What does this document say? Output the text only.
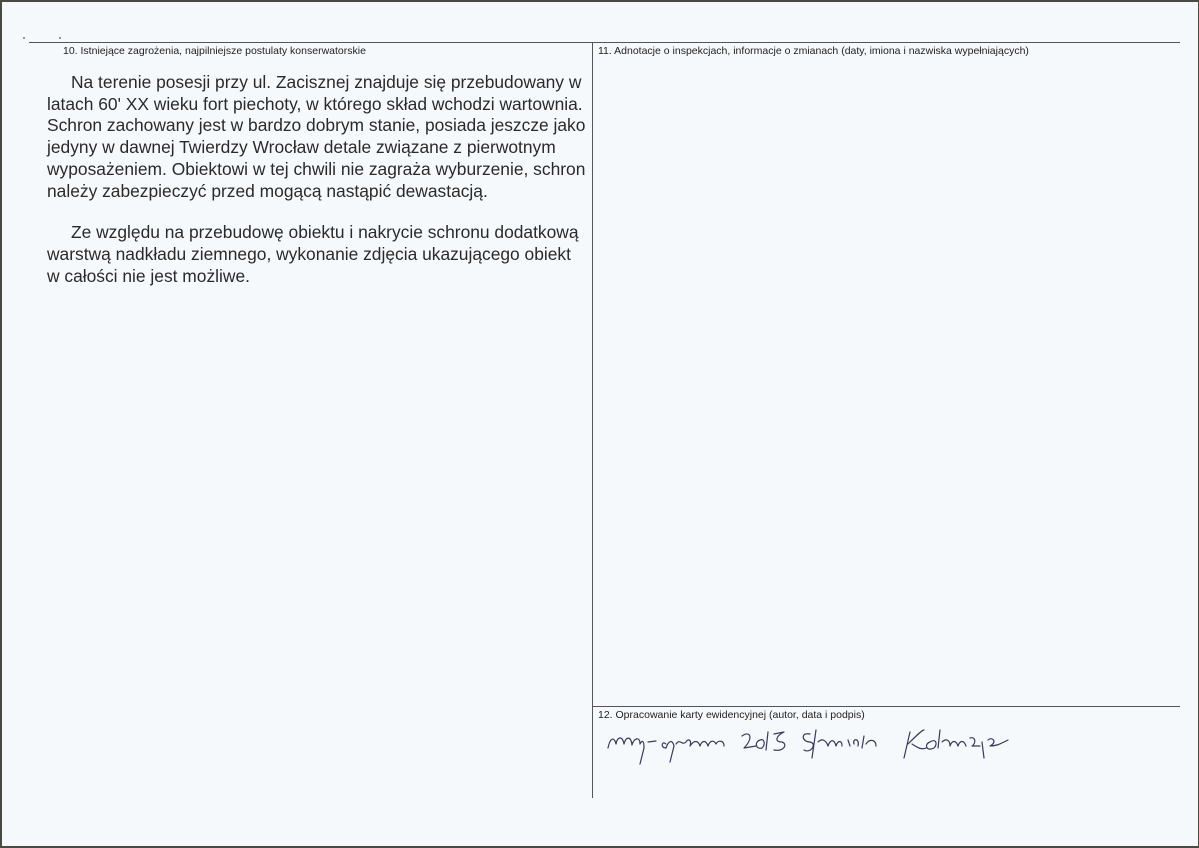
10. Istniejące zagrożenia, najpilniejsze postulaty konserwatorskie

Na terenie posesji przy ul. Zacisznej znajduje się przebudowany w latach 60' XX wieku fort piechoty, w którego skład wchodzi wartownia. Schron zachowany jest w bardzo dobrym stanie, posiada jeszcze jako jedyny w dawnej Twierdzy Wrocław detale związane z pierwotnym wyposażeniem. Obiektowi w tej chwili nie zagraża wyburzenie, schron należy zabezpieczyć przed mogącą nastąpić dewastacją.

Ze względu na przebudowę obiektu i nakrycie schronu dodatkową warstwą nadkładu ziemnego, wykonanie zdjęcia ukazującego obiekt w całości nie jest możliwe.

11. Adnotacje o inspekcjach, informacje o zmianach (daty, imiona i nazwiska wypełniających)
12. Opracowanie karty ewidencyjnej (autor, data i podpis)
